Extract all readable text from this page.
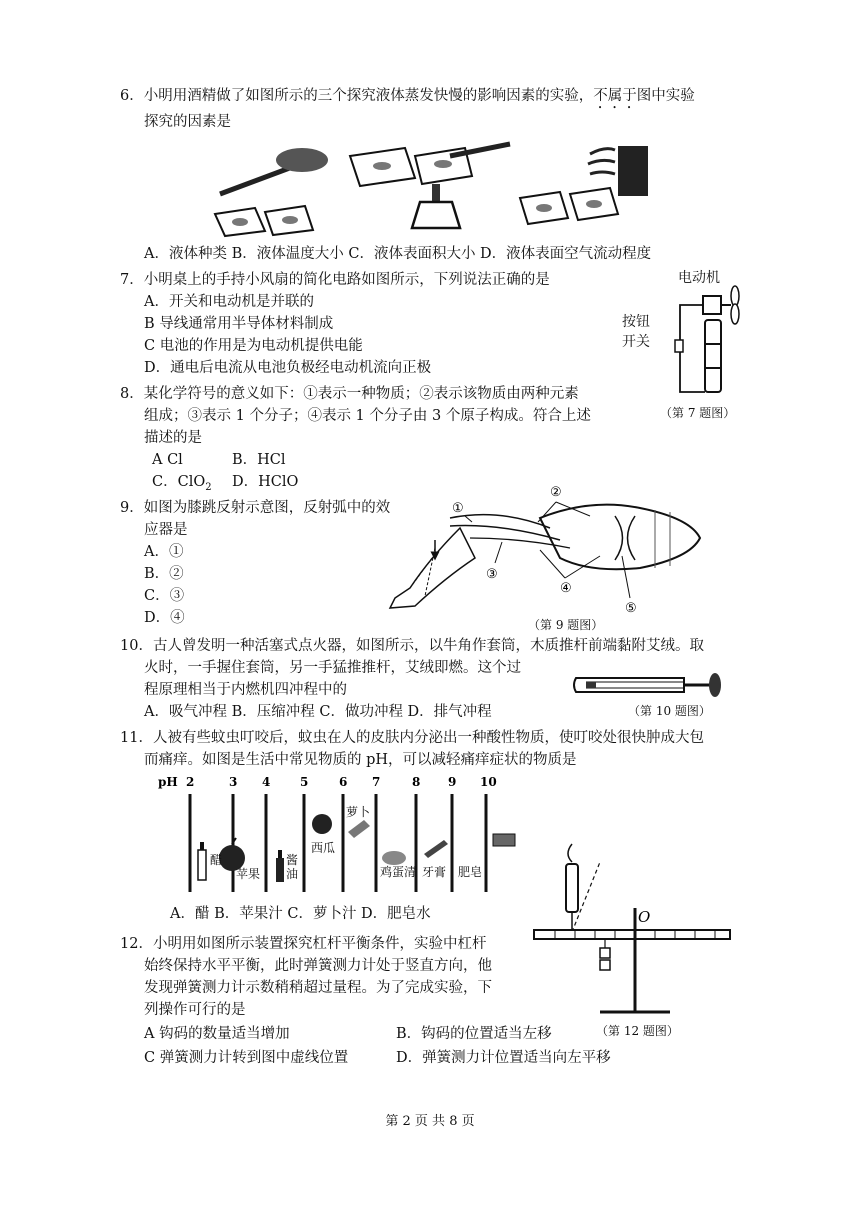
6．小明用酒精做了如图所示的三个探究液体蒸发快慢的影响因素的实验，不属于图中实验
探究的因素是
A．液体种类 B．液体温度大小 C．液体表面积大小 D．液体表面空气流动程度
7．小明桌上的手持小风扇的简化电路如图所示，下列说法正确的是
A．开关和电动机是并联的
B 导线通常用半导体材料制成
C 电池的作用是为电动机提供电能
D．通电后电流从电池负极经电动机流向正极
电动机
按钮
开关
（第 7 题图）
8．某化学符号的意义如下：①表示一种物质；②表示该物质由两种元素
组成；③表示 1 个分子；④表示 1 个分子由 3 个原子构成。符合上述
描述的是
A Cl	B．HCl
C．ClO$_2$ D．HClO
9．如图为膝跳反射示意图，反射弧中的效
应器是
A．①
B．②
C．③
D．④
①
②
③
④
⑤
（第 9 题图）
10．古人曾发明一种活塞式点火器，如图所示，以牛角作套筒，木质推杆前端黏附艾绒。取
火时，一手握住套筒，另一手猛推推杆，艾绒即燃。这个过
程原理相当于内燃机四冲程中的
A．吸气冲程 B．压缩冲程 C．做功冲程 D．排气冲程	（第 10 题图）
11．人被有些蚊虫叮咬后，蚊虫在人的皮肤内分泌出一种酸性物质，使叮咬处很快肿成大包
而痛痒。如图是生活中常见物质的 pH，可以减轻痛痒症状的物质是
pH 2	3 4 5	6 7	8 9 10
醋
苹果
酱
油
西瓜
萝卜
鸡蛋清 牙膏 肥皂
A．醋 B．苹果汁 C．萝卜汁 D．肥皂水
12．小明用如图所示装置探究杠杆平衡条件，实验中杠杆
始终保持水平平衡，此时弹簧测力计处于竖直方向，他
发现弹簧测力计示数稍稍超过量程。为了完成实验，下
列操作可行的是
A 钩码的数量适当增加	B．钩码的位置适当左移
C 弹簧测力计转到图中虚线位置	D．弹簧测力计位置适当向左平移
O
（第 12 题图）
第 2 页 共 8 页
